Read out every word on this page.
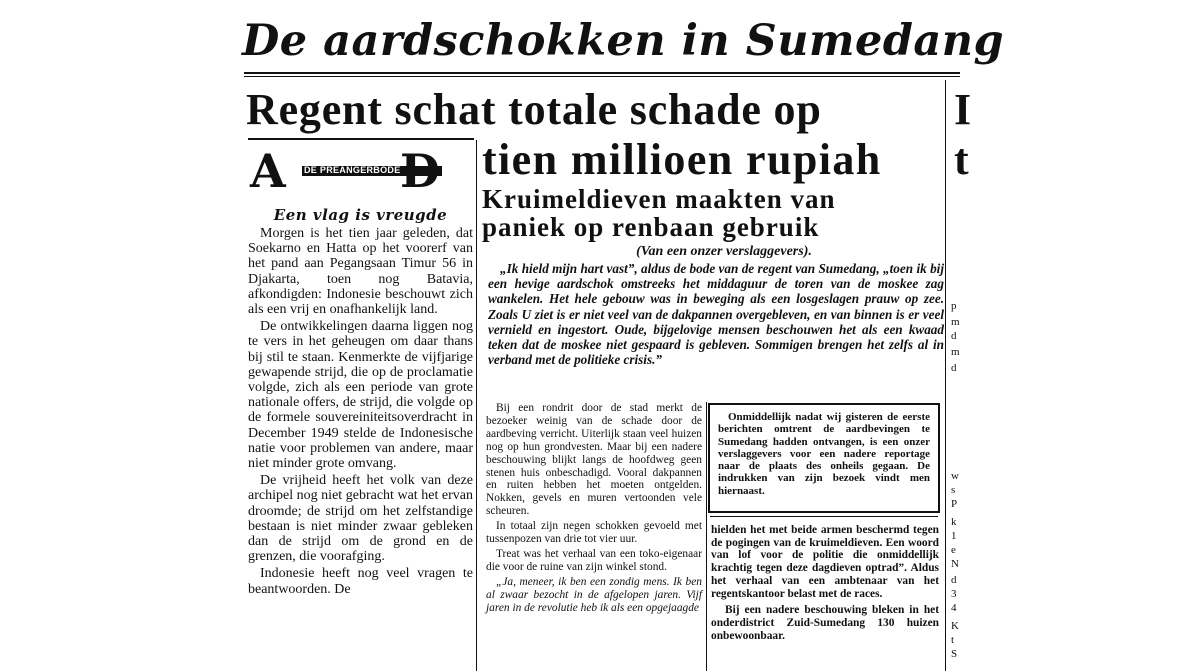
De aardschokken in Sumedang
Regent schat totale schade op
tien millioen rupiah
Kruimeldieven maakten van
paniek op renbaan gebruik
A DE PREANGERBODE D
Een vlag is vreugde

Morgen is het tien jaar geleden, dat Soekarno en Hatta op het voorerf van het pand aan Pegangsaan Timur 56 in Djakarta, toen nog Batavia, afkondigden: Indonesie beschouwt zich als een vrij en onafhankelijk land.

De ontwikkelingen daarna liggen nog te vers in het geheugen om daar thans bij stil te staan. Kenmerkte de vijfjarige gewapende strijd, die op de proclamatie volgde, zich als een periode van grote nationale offers, de strijd, die volgde op de formele souvereiniteitsoverdracht in December 1949 stelde de Indonesische natie voor problemen van andere, maar niet minder grote omvang.

De vrijheid heeft het volk van deze archipel nog niet gebracht wat het ervan droomde; de strijd om het zelfstandige bestaan is niet minder zwaar gebleken dan de strijd om de grond en de grenzen, die voorafging.

Indonesie heeft nog veel vragen te beantwoorden. De

(Van een onzer verslaggevers).

„Ik hield mijn hart vast”, aldus de bode van de regent van Sumedang, „toen ik bij een hevige aardschok omstreeks het middaguur de toren van de moskee zag wankelen. Het hele gebouw was in beweging als een losgeslagen prauw op zee. Zoals U ziet is er niet veel van de dakpannen overgebleven, en van binnen is er veel vernield en ingestort. Oude, bijgelovige mensen beschouwen het als een kwaad teken dat de moskee niet gespaard is gebleven. Sommigen brengen het zelfs al in verband met de politieke crisis.”

Bij een rondrit door de stad merkt de bezoeker weinig van de schade door de aardbeving verricht. Uiterlijk staan veel huizen nog op hun grondvesten. Maar bij een nadere beschouwing blijkt langs de hoofdweg geen stenen huis onbeschadigd. Vooral dakpannen en ruiten hebben het moeten ontgelden. Nokken, gevels en muren vertoonden vele scheuren.

In totaal zijn negen schokken gevoeld met tussenpozen van drie tot vier uur.

Treat was het verhaal van een toko-eigenaar die voor de ruine van zijn winkel stond.

„Ja, meneer, ik ben een zondig mens. Ik ben al zwaar bezocht in de afgelopen jaren. Vijf jaren in de revolutie heb ik als een opgejaagde

Onmiddellijk nadat wij gisteren de eerste berichten omtrent de aardbevingen te Sumedang hadden ontvangen, is een onzer verslaggevers voor een nadere reportage naar de plaats des onheils gegaan. De indrukken van zijn bezoek vindt men hiernaast.

hielden het met beide armen beschermd tegen de pogingen van de kruimeldieven. Een woord van lof voor de politie die onmiddellijk krachtig tegen deze dagdieven optrad”. Aldus het verhaal van een ambtenaar van het regentskantoor belast met de races.

Bij een nadere beschouwing bleken in het onderdistrict Zuid-Sumedang 130 huizen onbewoonbaar.

I
t
p
m
d
m
d
w
s
P
k
1
e
N
d
3
4
K
t
S
